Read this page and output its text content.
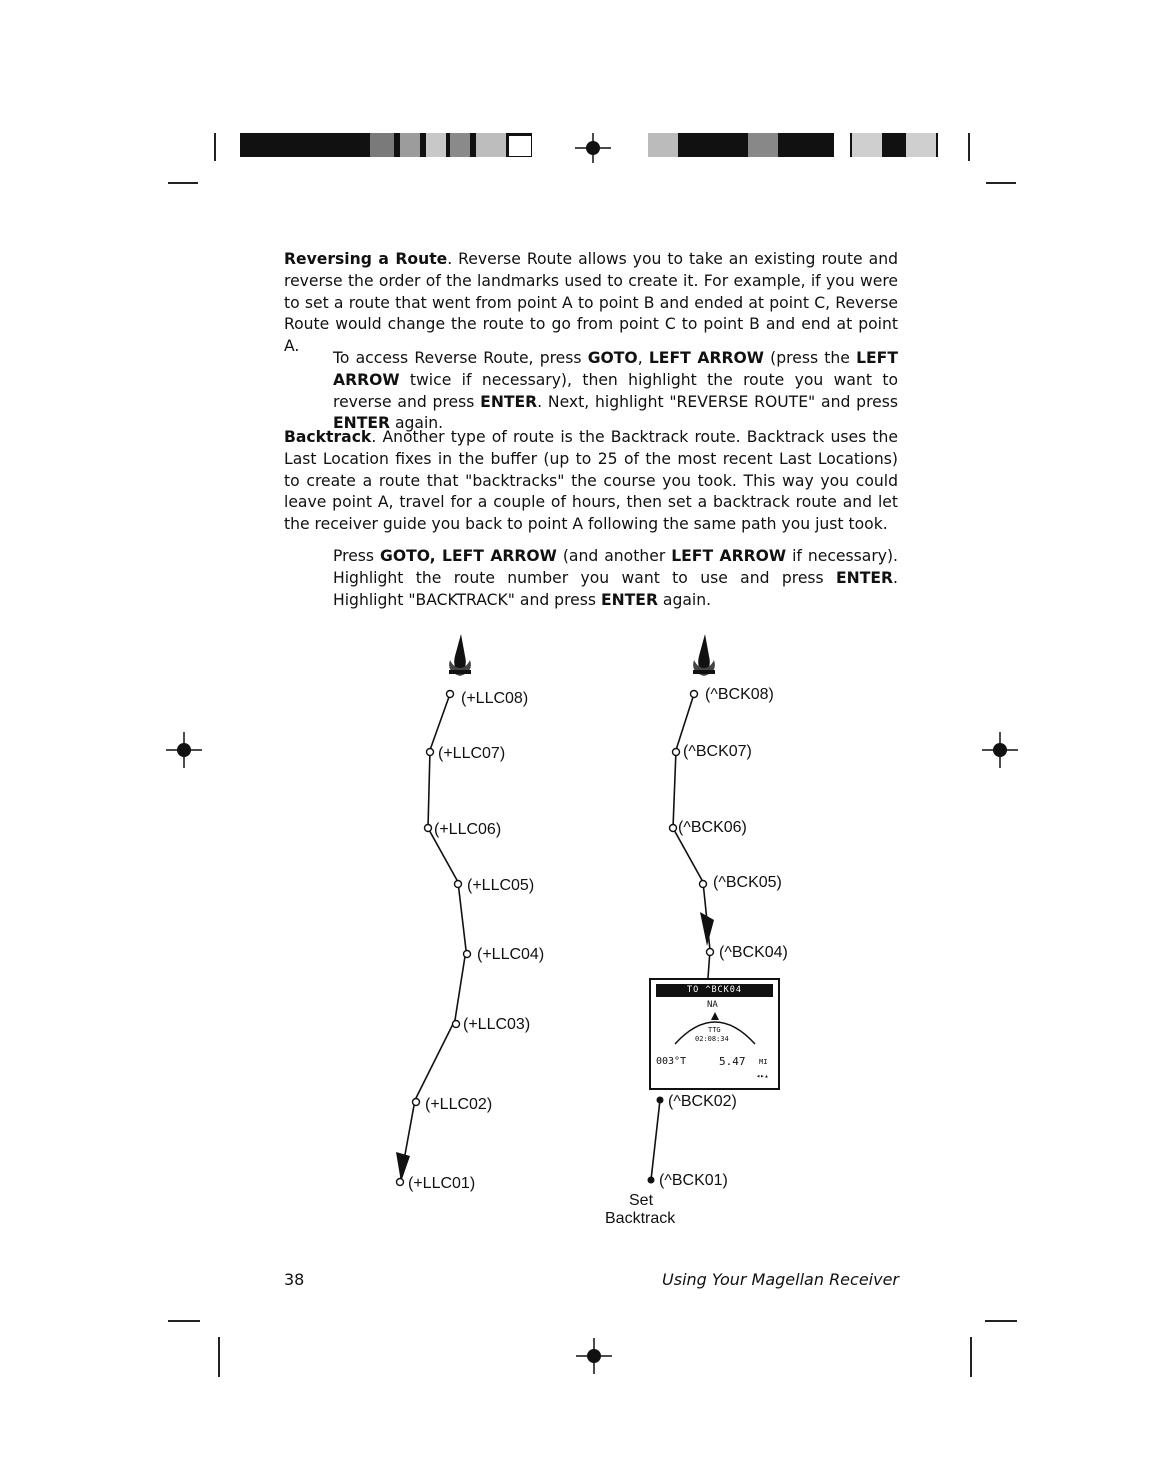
Reversing a Route. Reverse Route allows you to take an existing route and reverse the order of the landmarks used to create it. For example, if you were to set a route that went from point A to point B and ended at point C, Reverse Route would change the route to go from point C to point B and end at point A.

To access Reverse Route, press GOTO, LEFT ARROW (press the LEFT ARROW twice if necessary), then highlight the route you want to reverse and press ENTER. Next, highlight "REVERSE ROUTE" and press ENTER again.

Backtrack. Another type of route is the Backtrack route. Backtrack uses the Last Location fixes in the buffer (up to 25 of the most recent Last Locations) to create a route that "backtracks" the course you took. This way you could leave point A, travel for a couple of hours, then set a backtrack route and let the receiver guide you back to point A following the same path you just took.

Press GOTO, LEFT ARROW (and another LEFT ARROW if necessary). Highlight the route number you want to use and press ENTER. Highlight "BACKTRACK" and press ENTER again.

(+LLC08)
(+LLC07)
(+LLC06)
(+LLC05)
(+LLC04)
(+LLC03)
(+LLC02)
(+LLC01)
(^BCK08)
(^BCK07)
(^BCK06)
(^BCK05)
(^BCK04)
(^BCK02)
(^BCK01)
Set
Backtrack
TO ^BCK04
NA
TTG
02:08:34
003°T	5.47 MI
◂▸▴
38	Using Your Magellan Receiver
